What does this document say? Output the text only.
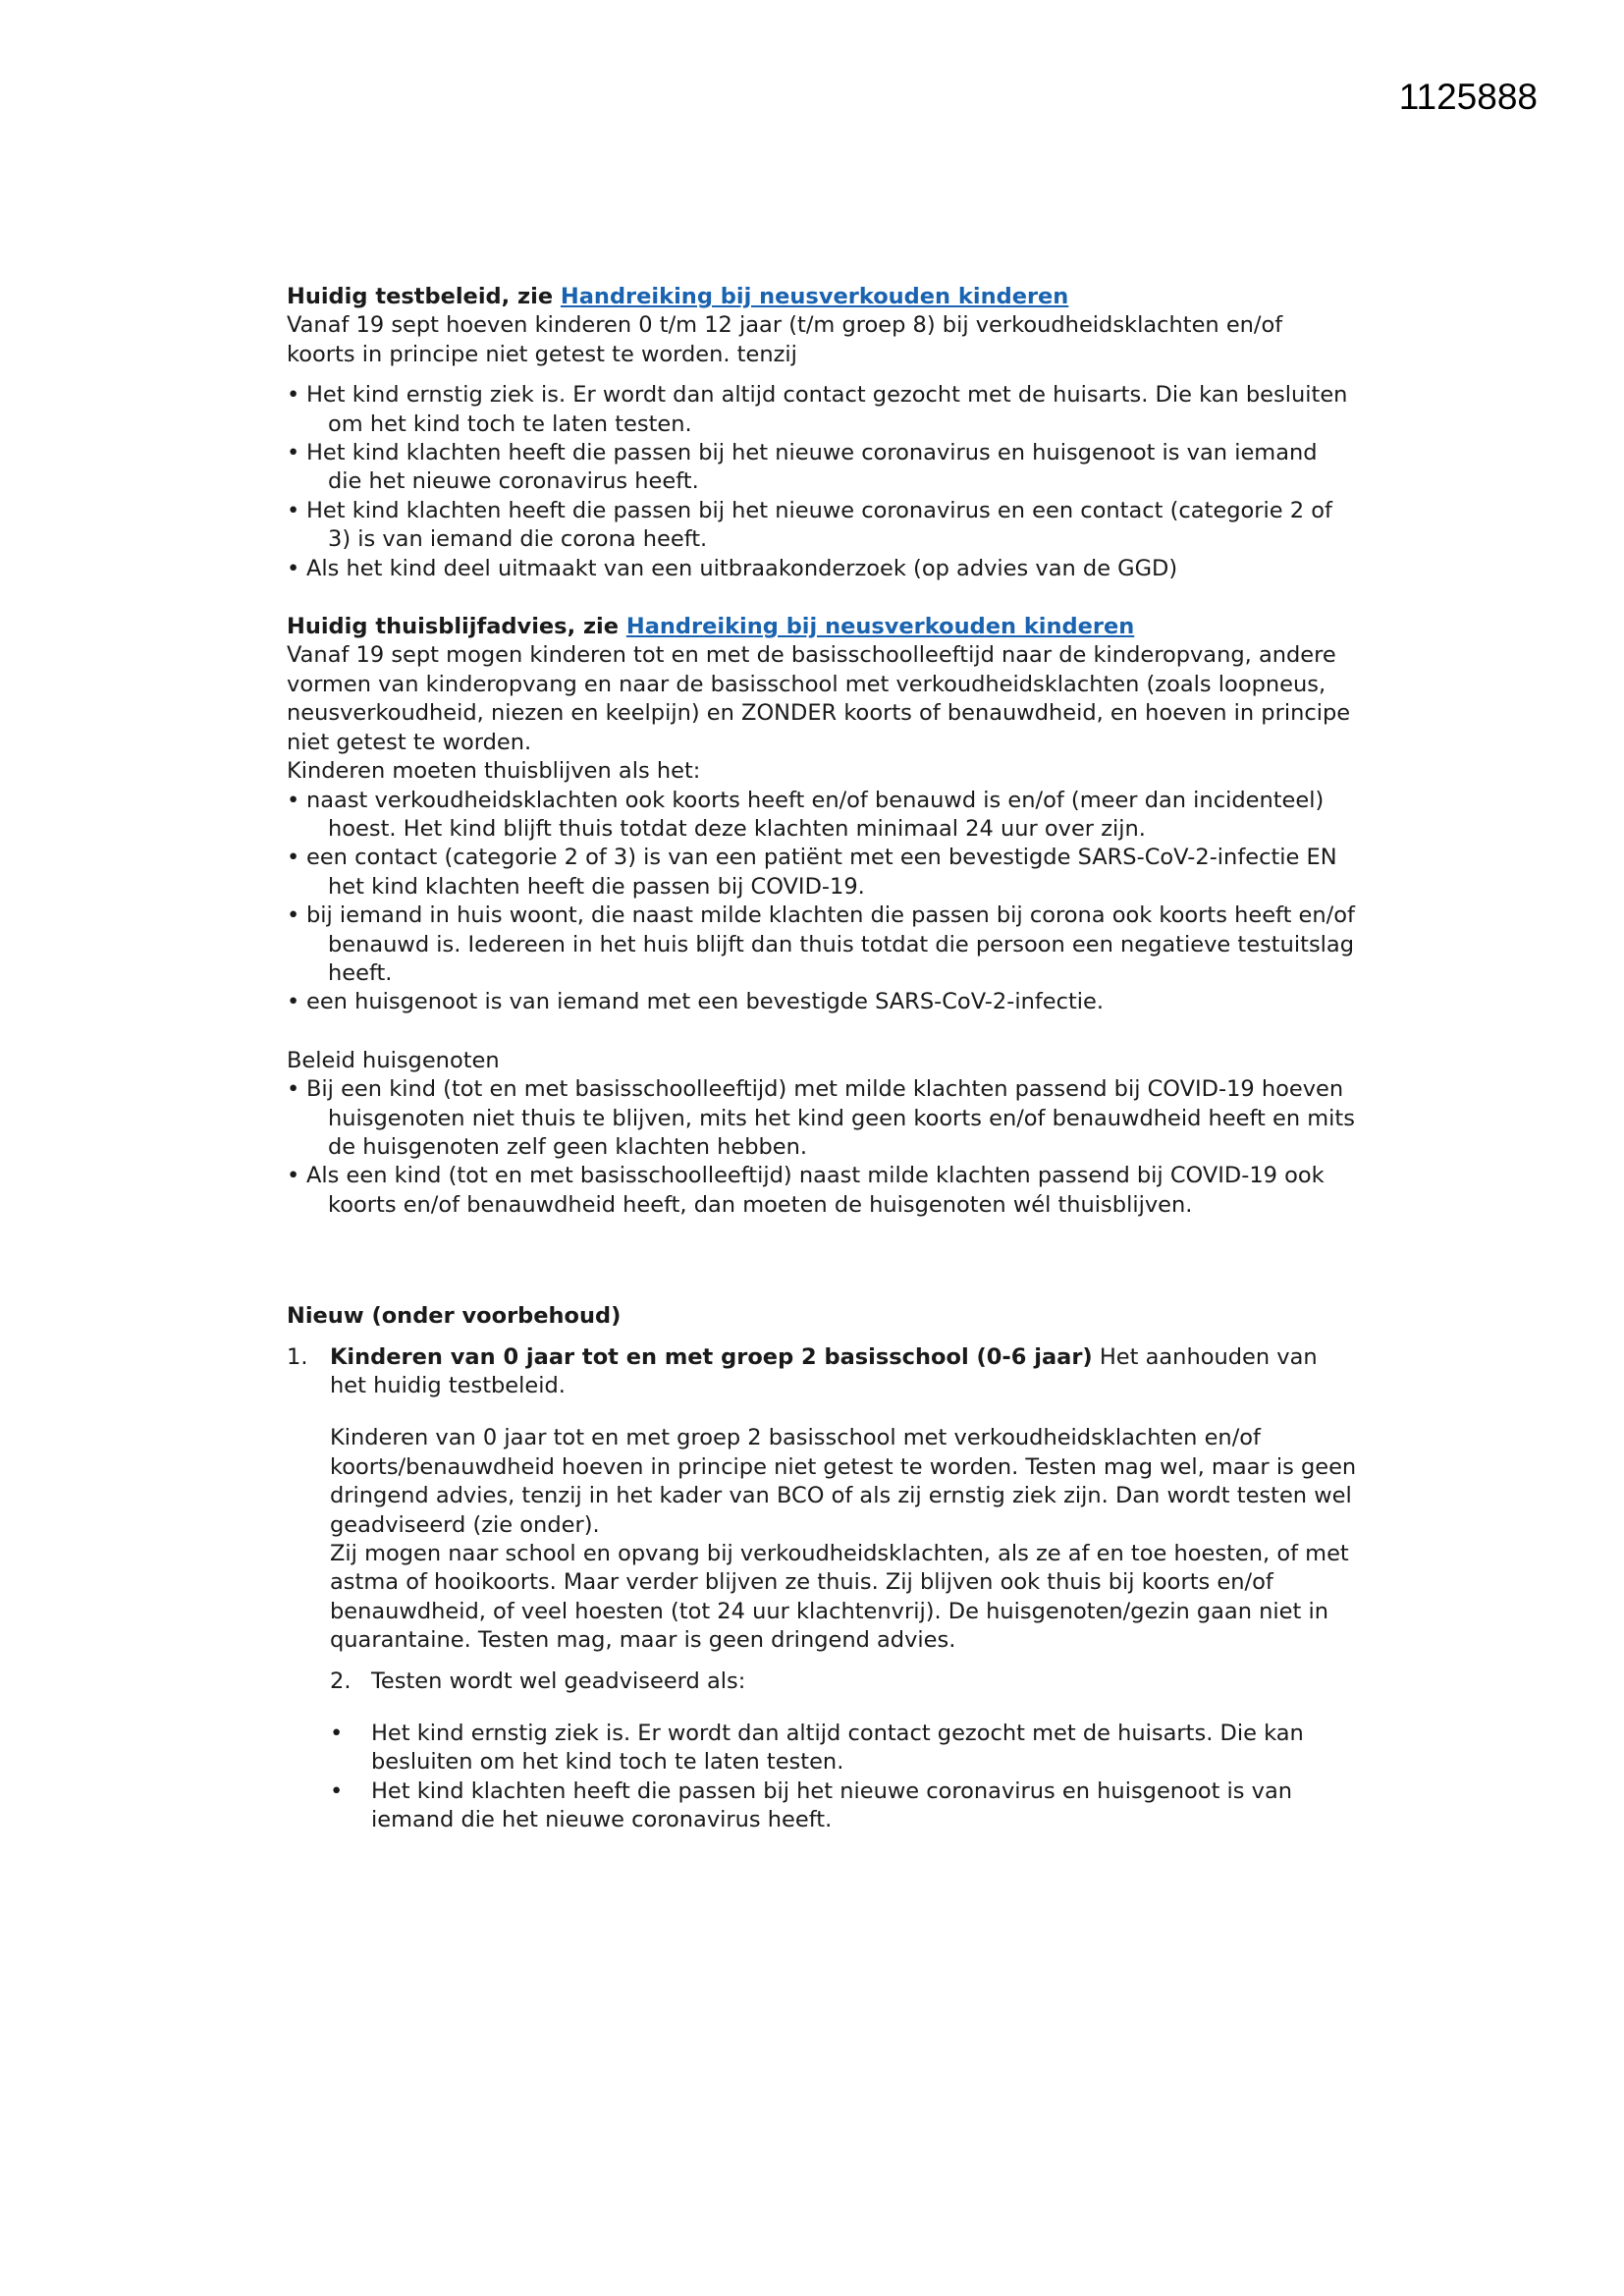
1125888

Huidig testbeleid, zie Handreiking bij neusverkouden kinderen

Vanaf 19 sept hoeven kinderen 0 t/m 12 jaar (t/m groep 8) bij verkoudheidsklachten en/of koorts in principe niet getest te worden. tenzij

• Het kind ernstig ziek is. Er wordt dan altijd contact gezocht met de huisarts. Die kan besluiten om het kind toch te laten testen.
• Het kind klachten heeft die passen bij het nieuwe coronavirus en huisgenoot is van iemand die het nieuwe coronavirus heeft.
• Het kind klachten heeft die passen bij het nieuwe coronavirus en een contact (categorie 2 of 3) is van iemand die corona heeft.
• Als het kind deel uitmaakt van een uitbraakonderzoek (op advies van de GGD)

Huidig thuisblijfadvies, zie Handreiking bij neusverkouden kinderen

Vanaf 19 sept mogen kinderen tot en met de basisschoolleeftijd naar de kinderopvang, andere vormen van kinderopvang en naar de basisschool met verkoudheidsklachten (zoals loopneus, neusverkoudheid, niezen en keelpijn) en ZONDER koorts of benauwdheid, en hoeven in principe niet getest te worden.

Kinderen moeten thuisblijven als het:

• naast verkoudheidsklachten ook koorts heeft en/of benauwd is en/of (meer dan incidenteel) hoest. Het kind blijft thuis totdat deze klachten minimaal 24 uur over zijn.
• een contact (categorie 2 of 3) is van een patiënt met een bevestigde SARS-CoV-2-infectie EN het kind klachten heeft die passen bij COVID-19.
• bij iemand in huis woont, die naast milde klachten die passen bij corona ook koorts heeft en/of benauwd is. Iedereen in het huis blijft dan thuis totdat die persoon een negatieve testuitslag heeft.
• een huisgenoot is van iemand met een bevestigde SARS-CoV-2-infectie.

Beleid huisgenoten

• Bij een kind (tot en met basisschoolleeftijd) met milde klachten passend bij COVID-19 hoeven huisgenoten niet thuis te blijven, mits het kind geen koorts en/of benauwdheid heeft en mits de huisgenoten zelf geen klachten hebben.
• Als een kind (tot en met basisschoolleeftijd) naast milde klachten passend bij COVID-19 ook koorts en/of benauwdheid heeft, dan moeten de huisgenoten wél thuisblijven.

Nieuw (onder voorbehoud)

1. Kinderen van 0 jaar tot en met groep 2 basisschool (0-6 jaar) Het aanhouden van het huidig testbeleid.

Kinderen van 0 jaar tot en met groep 2 basisschool met verkoudheidsklachten en/of koorts/benauwdheid hoeven in principe niet getest te worden. Testen mag wel, maar is geen dringend advies, tenzij in het kader van BCO of als zij ernstig ziek zijn. Dan wordt testen wel geadviseerd (zie onder).

Zij mogen naar school en opvang bij verkoudheidsklachten, als ze af en toe hoesten, of met astma of hooikoorts. Maar verder blijven ze thuis. Zij blijven ook thuis bij koorts en/of benauwdheid, of veel hoesten (tot 24 uur klachtenvrij). De huisgenoten/gezin gaan niet in quarantaine. Testen mag, maar is geen dringend advies.

2. Testen wordt wel geadviseerd als:

• Het kind ernstig ziek is. Er wordt dan altijd contact gezocht met de huisarts. Die kan besluiten om het kind toch te laten testen.
• Het kind klachten heeft die passen bij het nieuwe coronavirus en huisgenoot is van iemand die het nieuwe coronavirus heeft.
